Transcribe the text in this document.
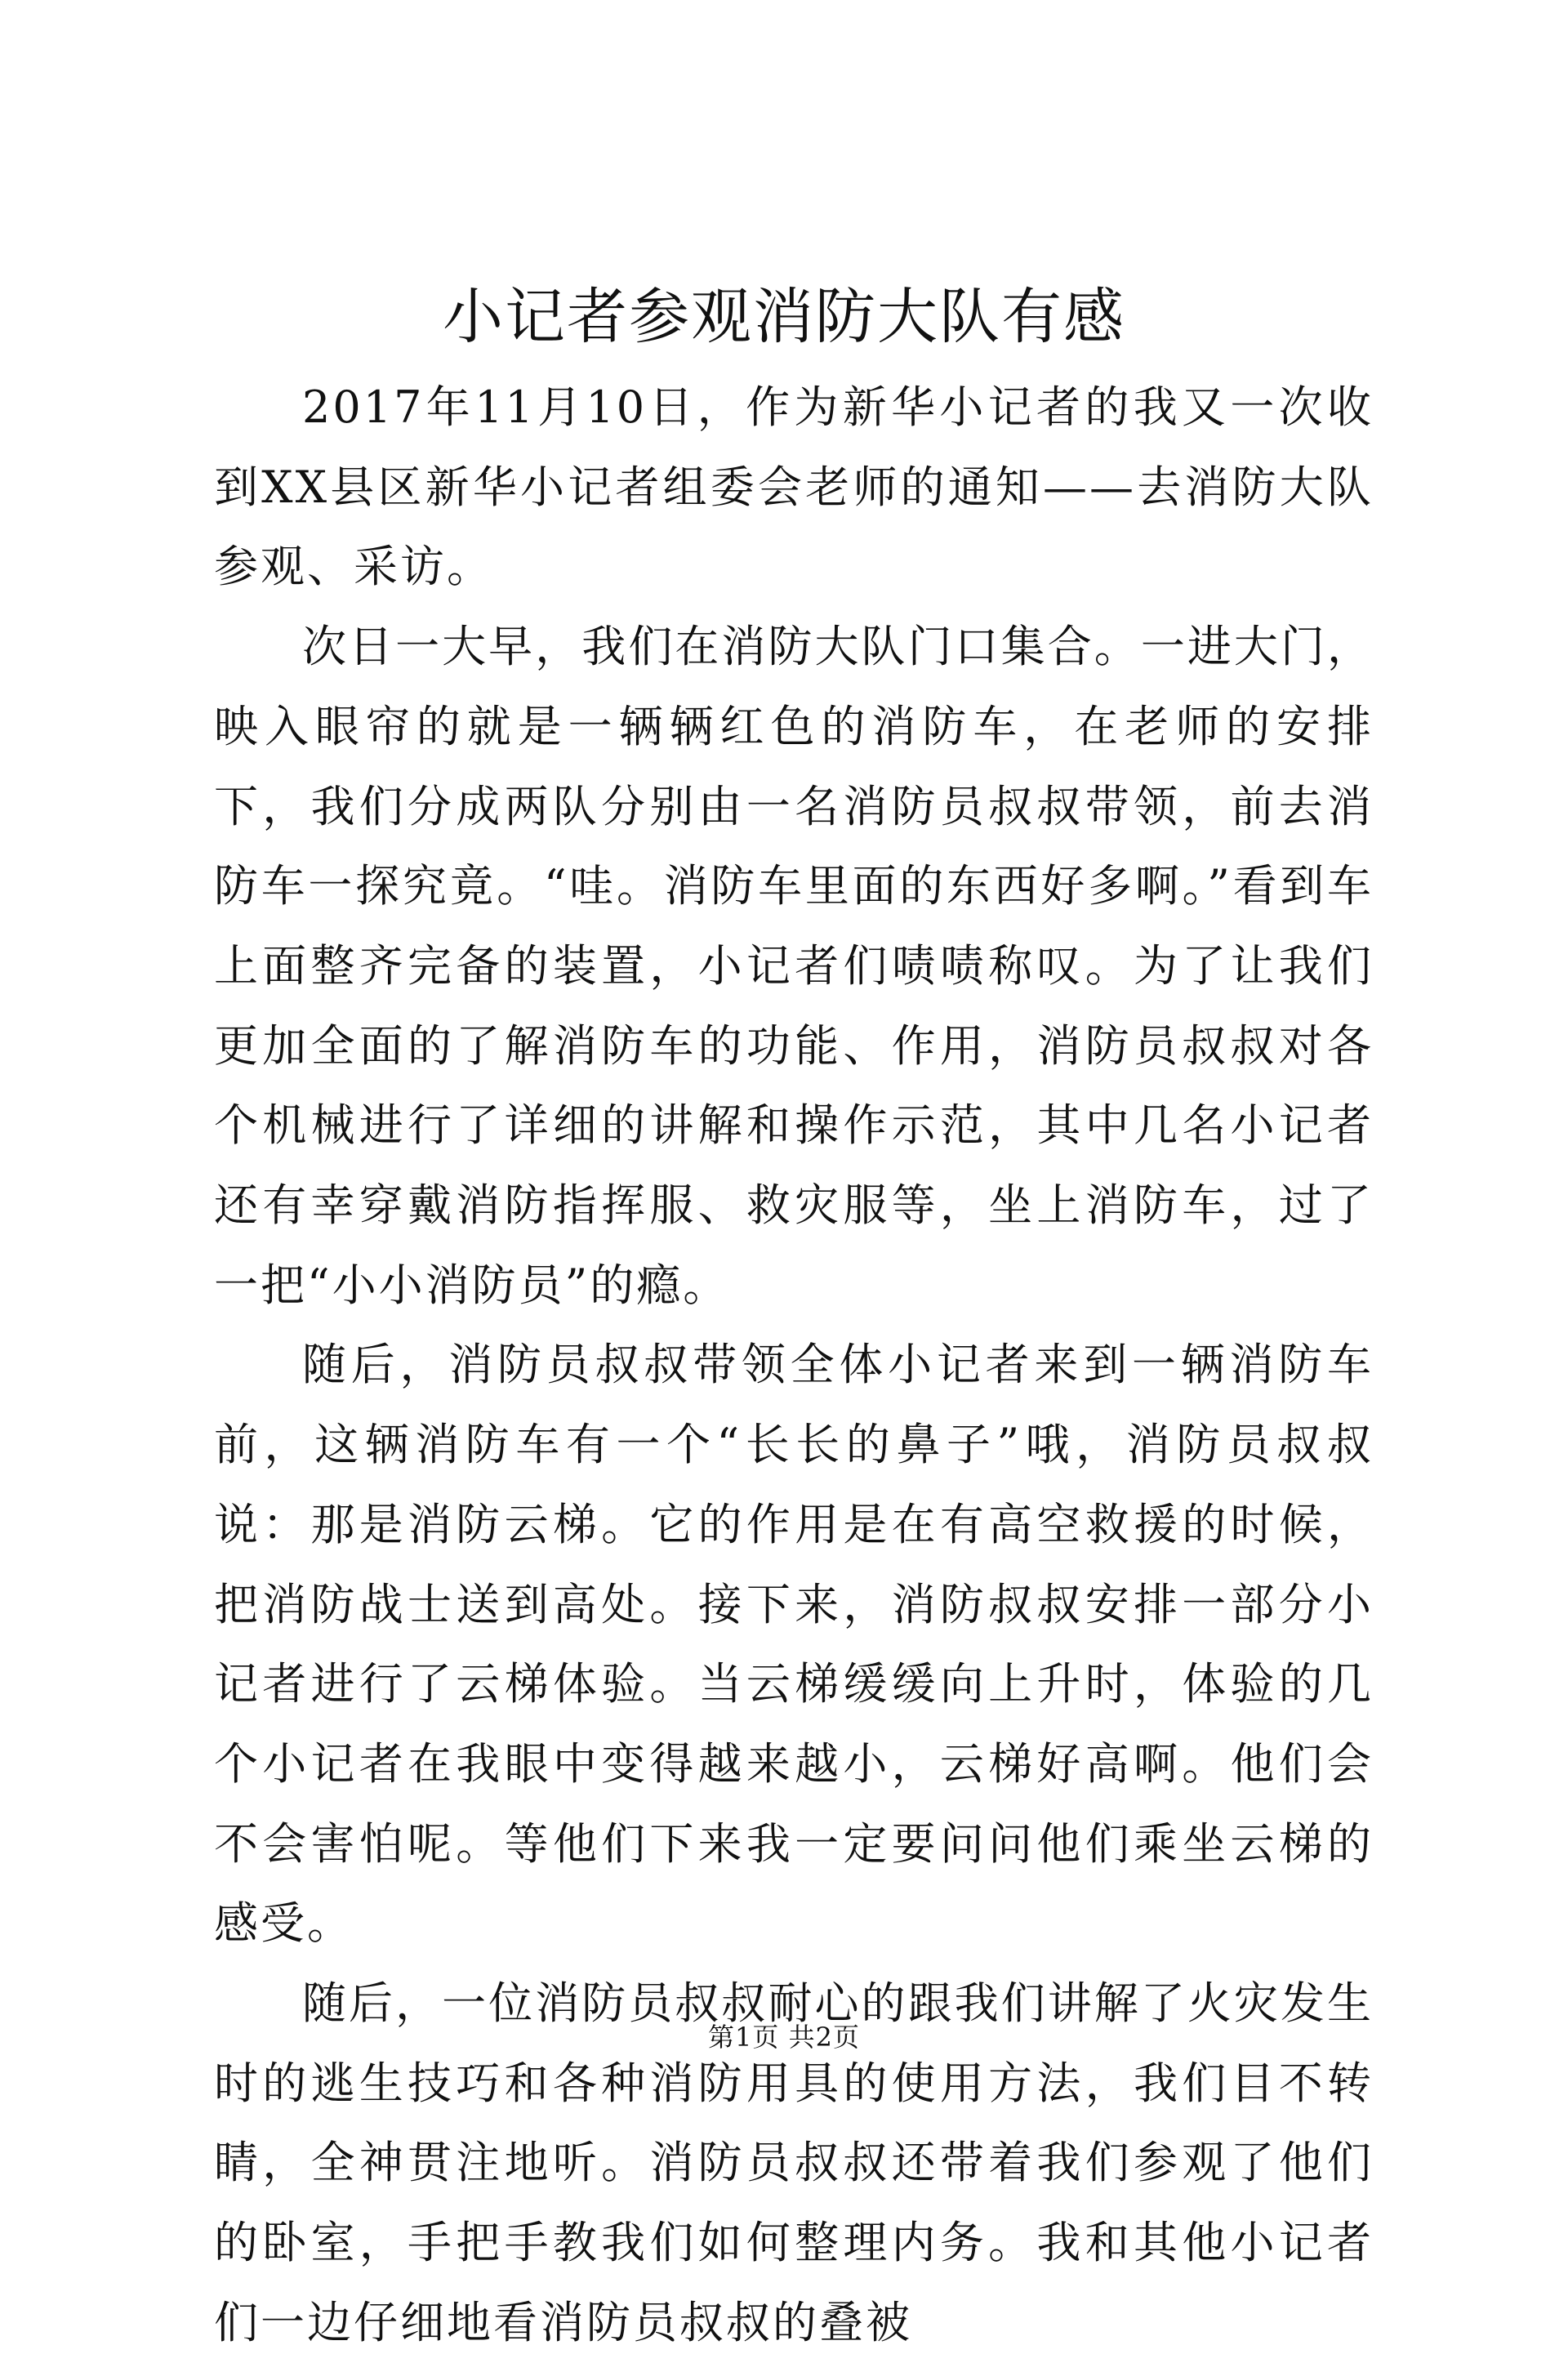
小记者参观消防大队有感

2017年11月10日，作为新华小记者的我又一次收到XX县区新华小记者组委会老师的通知——去消防大队参观、采访。

次日一大早，我们在消防大队门口集合。一进大门，映入眼帘的就是一辆辆红色的消防车，在老师的安排下，我们分成两队分别由一名消防员叔叔带领，前去消防车一探究竟。“哇。消防车里面的东西好多啊。”看到车上面整齐完备的装置，小记者们啧啧称叹。为了让我们更加全面的了解消防车的功能、作用，消防员叔叔对各个机械进行了详细的讲解和操作示范，其中几名小记者还有幸穿戴消防指挥服、救灾服等，坐上消防车，过了一把“小小消防员”的瘾。

随后，消防员叔叔带领全体小记者来到一辆消防车前，这辆消防车有一个“长长的鼻子”哦，消防员叔叔说：那是消防云梯。它的作用是在有高空救援的时候，把消防战士送到高处。接下来，消防叔叔安排一部分小记者进行了云梯体验。当云梯缓缓向上升时，体验的几个小记者在我眼中变得越来越小，云梯好高啊。他们会不会害怕呢。等他们下来我一定要问问他们乘坐云梯的感受。

随后，一位消防员叔叔耐心的跟我们讲解了火灾发生时的逃生技巧和各种消防用具的使用方法，我们目不转睛，全神贯注地听。消防员叔叔还带着我们参观了他们的卧室，手把手教我们如何整理内务。我和其他小记者们一边仔细地看消防员叔叔的叠被

第1页 共2页
